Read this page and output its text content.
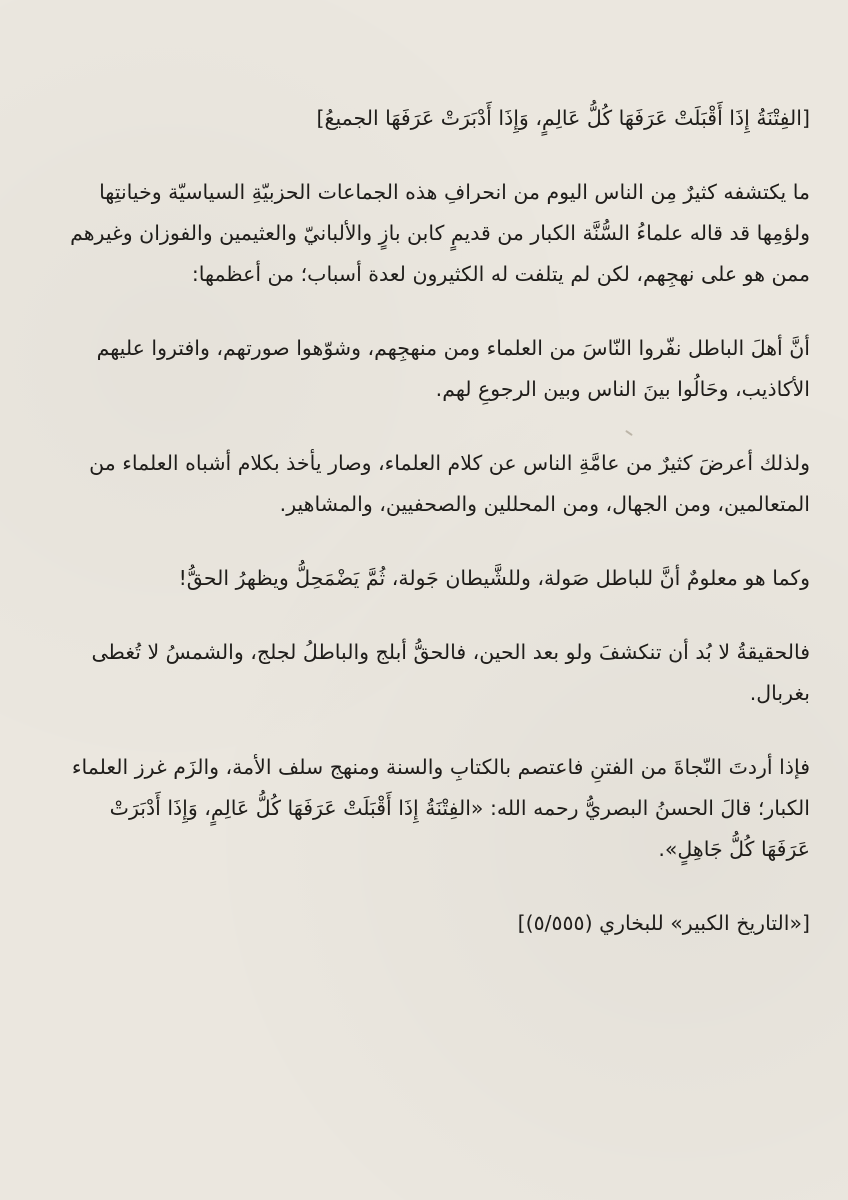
[الفِتْنَةُ إِذَا أَقْبَلَتْ عَرَفَهَا كُلُّ عَالِمٍ، وَإِذَا أَدْبَرَتْ عَرَفَهَا الجميعُ]

ما يكتشفه كثيرٌ مِن الناس اليوم من انحرافِ هذه الجماعات الحزبيّةِ السياسيّة وخيانتِها
ولؤمِها قد قاله علماءُ السُّنَّة الكبار من قديمٍ كابن بازٍ والألبانيّ والعثيمين والفوزان وغيرهم
ممن هو على نهجِهم، لكن لم يتلفت له الكثيرون لعدة أسباب؛ من أعظمها:

أنَّ أهلَ الباطل نفّروا النّاسَ من العلماء ومن منهجِهم، وشوّهوا صورتهم، وافتروا عليهم
الأكاذيب، وحَالُوا بينَ الناس وبين الرجوعِ لهم.

ولذلك أعرضَ كثيرٌ من عامَّةِ الناس عن كلام العلماء، وصار يأخذ بكلام أشباه العلماء من
المتعالمين، ومن الجهال، ومن المحللين والصحفيين، والمشاهير.

وكما هو معلومٌ أنَّ للباطل صَولة، وللشَّيطان جَولة، ثُمَّ يَضْمَحِلُّ ويظهرُ الحقُّ!

فالحقيقةُ لا بُد أن تنكشفَ ولو بعد الحين، فالحقُّ أبلج والباطلُ لجلج، والشمسُ لا تُغطى
بغربال.

فإذا أردتَ النّجاةَ من الفتنِ فاعتصم بالكتابِ والسنة ومنهج سلف الأمة، والزَم غرز العلماء
الكبار؛ قالَ الحسنُ البصريُّ رحمه الله: «الفِتْنَةُ إِذَا أَقْبَلَتْ عَرَفَهَا كُلُّ عَالِمٍ، وَإِذَا أَدْبَرَتْ
عَرَفَهَا كُلُّ جَاهِلٍ».

[«التاريخ الكبير» للبخاري (٥/٥٥٥)]
